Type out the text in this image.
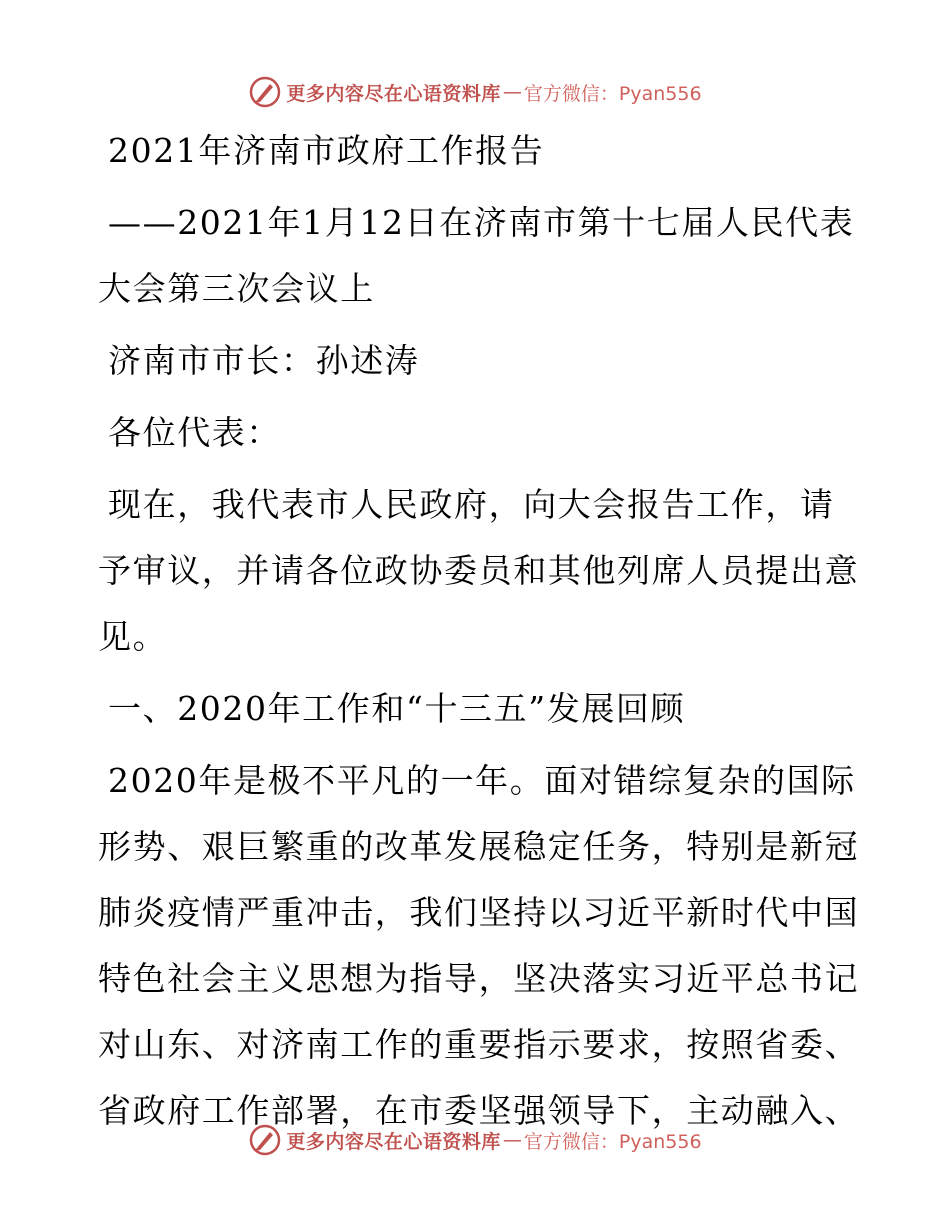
更多内容尽在心语资料库 — 官方微信：Pyan556
2021年济南市政府工作报告
——2021年1月12日在济南市第十七届人民代表
大会第三次会议上
济南市市长：孙述涛
各位代表：
现在，我代表市人民政府，向大会报告工作，请
予审议，并请各位政协委员和其他列席人员提出意
见。
一、2020年工作和“十三五”发展回顾
2020年是极不平凡的一年。面对错综复杂的国际
形势、艰巨繁重的改革发展稳定任务，特别是新冠
肺炎疫情严重冲击，我们坚持以习近平新时代中国
特色社会主义思想为指导，坚决落实习近平总书记
对山东、对济南工作的重要指示要求，按照省委、
省政府工作部署，在市委坚强领导下，主动融入、
更多内容尽在心语资料库 — 官方微信：Pyan556
